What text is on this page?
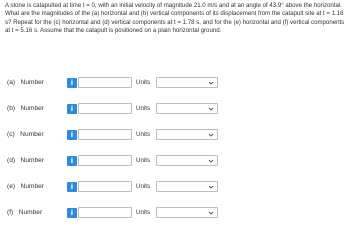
A stone is catapulted at time t = 0, with an initial velocity of magnitude 21.0 m/s and at an angle of 43.9° above the horizontal. What are the magnitudes of the (a) horizontal and (b) vertical components of its displacement from the catapult site at t = 1.16 s? Repeat for the (c) horizontal and (d) vertical components at t = 1.78 s, and for the (e) horizontal and (f) vertical components at t = 5.16 s. Assume that the catapult is positioned on a plain horizontal ground.

(a)   Number	i	Units
(b)   Number	i	Units
(c)   Number	i	Units
(d)   Number	i	Units
(e)   Number	i	Units
(f)   Number	i	Units
